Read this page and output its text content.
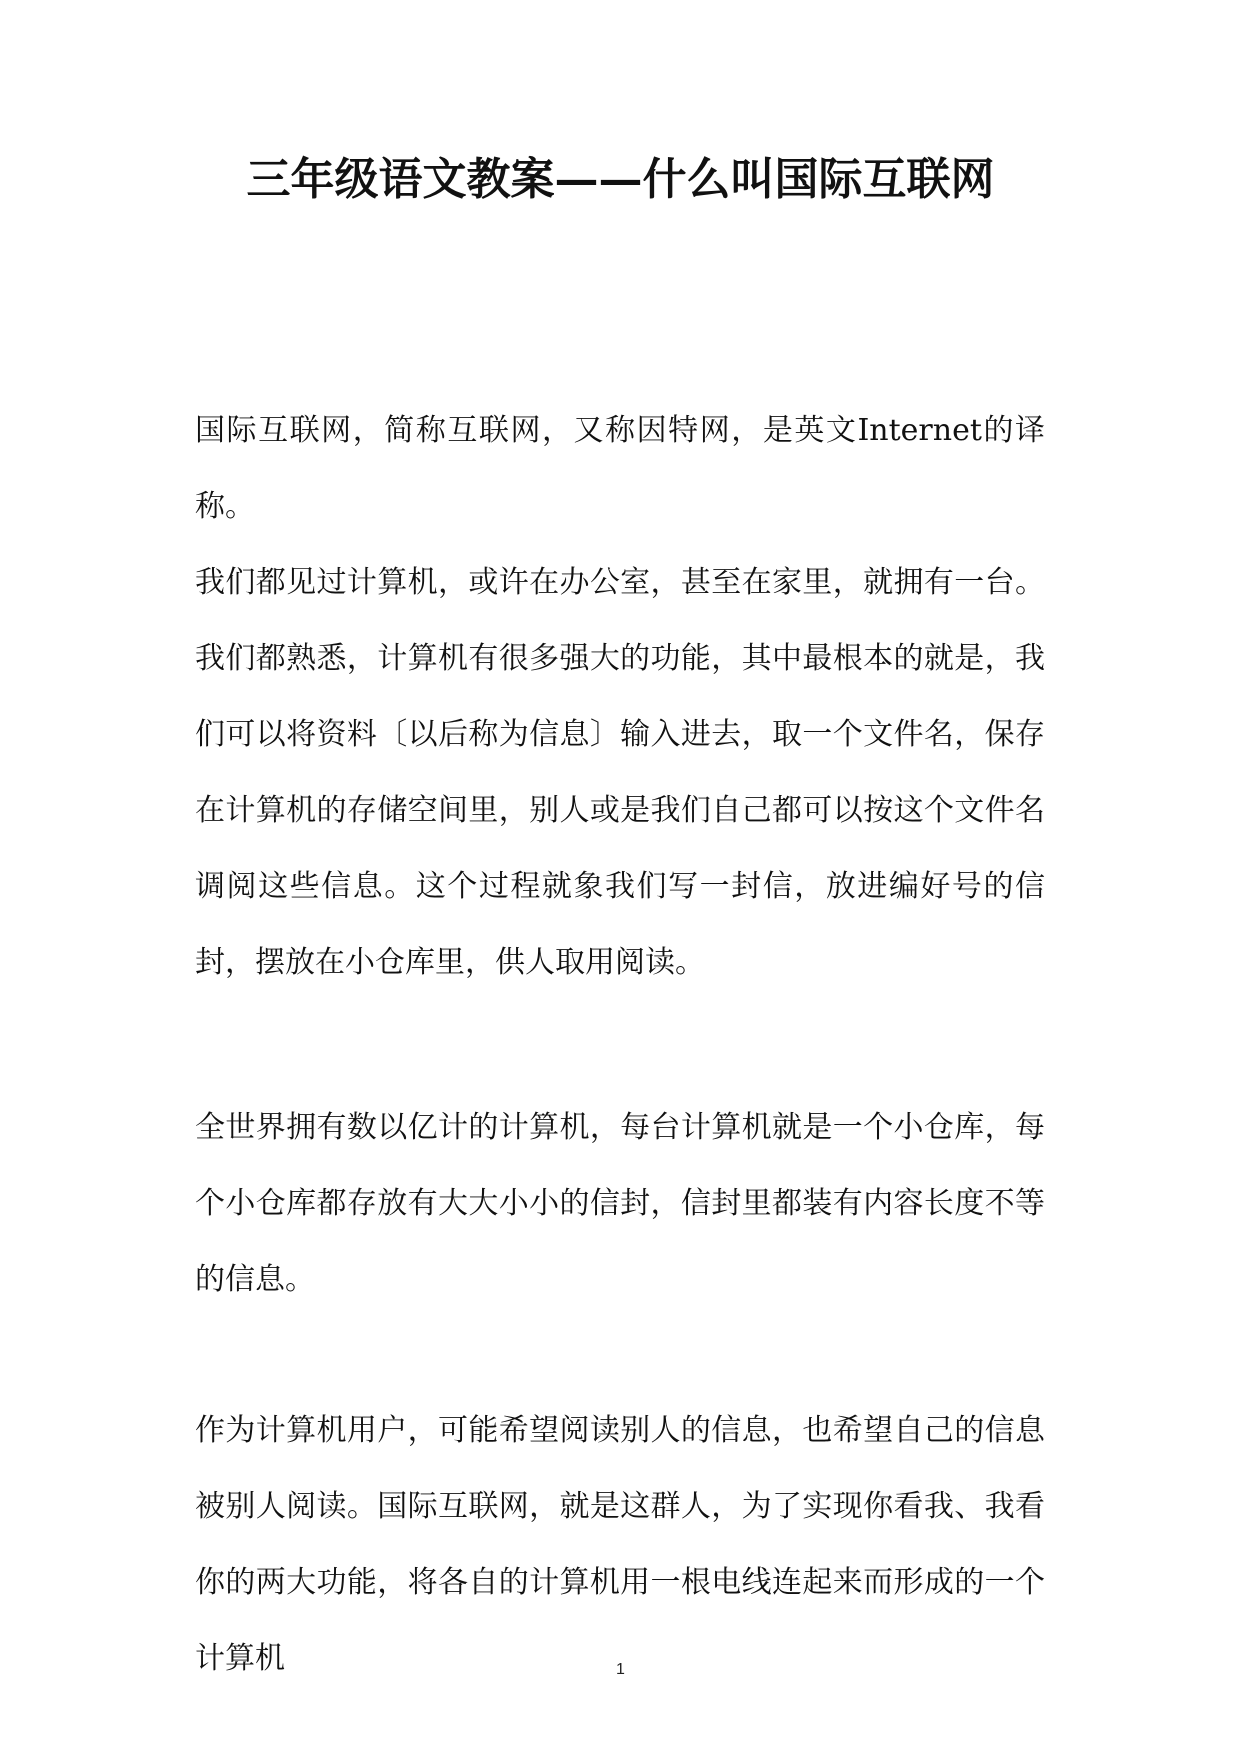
三年级语文教案——什么叫国际互联网

国际互联网，简称互联网，又称因特网，是英文Internet的译称。

我们都见过计算机，或许在办公室，甚至在家里，就拥有一台。我们都熟悉，计算机有很多强大的功能，其中最根本的就是，我们可以将资料〔以后称为信息〕输入进去，取一个文件名，保存在计算机的存储空间里，别人或是我们自己都可以按这个文件名调阅这些信息。这个过程就象我们写一封信，放进编好号的信封，摆放在小仓库里，供人取用阅读。

全世界拥有数以亿计的计算机，每台计算机就是一个小仓库，每个小仓库都存放有大大小小的信封，信封里都装有内容长度不等的信息。

作为计算机用户，可能希望阅读别人的信息，也希望自己的信息被别人阅读。国际互联网，就是这群人，为了实现你看我、我看你的两大功能，将各自的计算机用一根电线连起来而形成的一个计算机	1
